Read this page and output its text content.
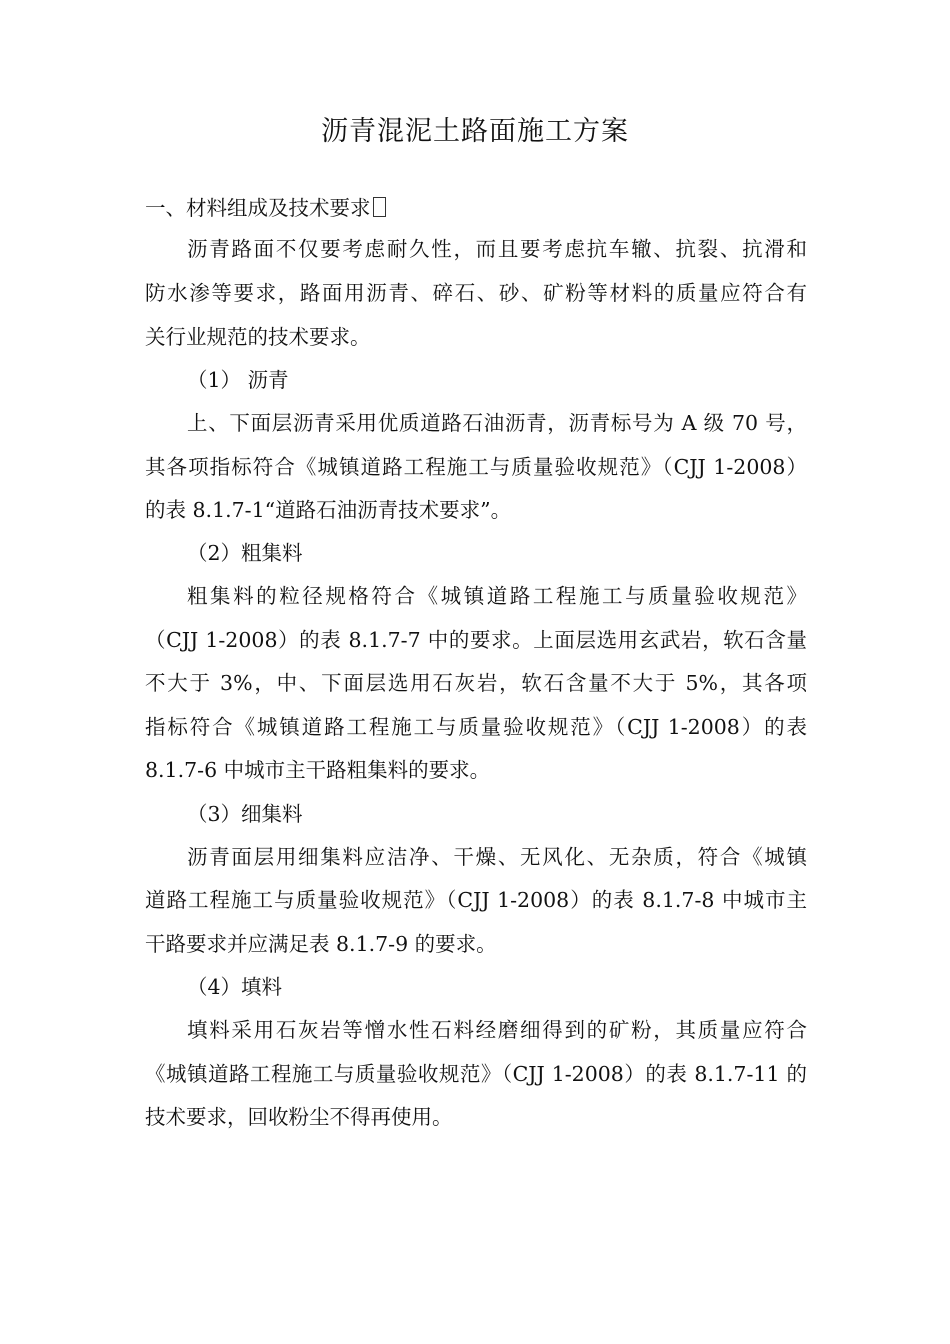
沥青混泥土路面施工方案
一、材料组成及技术要求
沥青路面不仅要考虑耐久性，而且要考虑抗车辙、抗裂、抗滑和
防水渗等要求，路面用沥青、碎石、砂、矿粉等材料的质量应符合有
关行业规范的技术要求。
（1） 沥青
上、下面层沥青采用优质道路石油沥青，沥青标号为 A 级 70 号，
其各项指标符合《城镇道路工程施工与质量验收规范》（CJJ 1-2008）
的表 8.1.7-1“道路石油沥青技术要求”。
（2）粗集料
粗集料的粒径规格符合《城镇道路工程施工与质量验收规范》
（CJJ 1-2008）的表 8.1.7-7 中的要求。上面层选用玄武岩，软石含量
不大于 3%，中、下面层选用石灰岩，软石含量不大于 5%，其各项
指标符合《城镇道路工程施工与质量验收规范》（CJJ 1-2008）的表
8.1.7-6 中城市主干路粗集料的要求。
（3）细集料
沥青面层用细集料应洁净、干燥、无风化、无杂质，符合《城镇
道路工程施工与质量验收规范》（CJJ 1-2008）的表 8.1.7-8 中城市主
干路要求并应满足表 8.1.7-9 的要求。
（4）填料
填料采用石灰岩等憎水性石料经磨细得到的矿粉，其质量应符合
《城镇道路工程施工与质量验收规范》（CJJ 1-2008）的表 8.1.7-11 的
技术要求，回收粉尘不得再使用。
